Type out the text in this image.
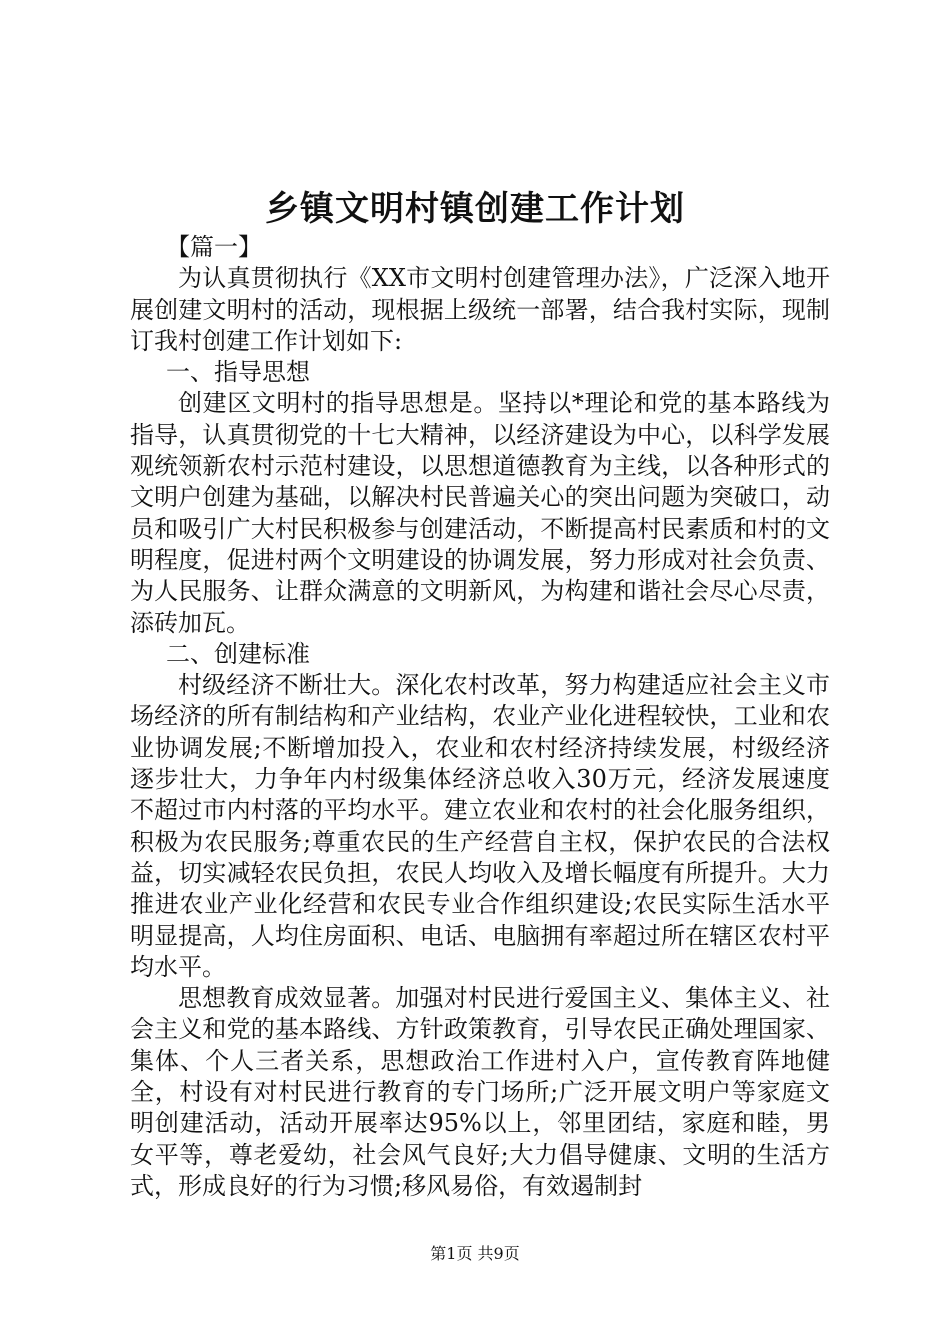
乡镇文明村镇创建工作计划

【篇一】

为认真贯彻执行《XX市文明村创建管理办法》，广泛深入地开展创建文明村的活动，现根据上级统一部署，结合我村实际，现制订我村创建工作计划如下:

一、指导思想

创建区文明村的指导思想是。坚持以*理论和党的基本路线为指导，认真贯彻党的十七大精神，以经济建设为中心，以科学发展观统领新农村示范村建设，以思想道德教育为主线，以各种形式的文明户创建为基础，以解决村民普遍关心的突出问题为突破口，动员和吸引广大村民积极参与创建活动，不断提高村民素质和村的文明程度，促进村两个文明建设的协调发展，努力形成对社会负责、为人民服务、让群众满意的文明新风，为构建和谐社会尽心尽责，添砖加瓦。

二、创建标准

村级经济不断壮大。深化农村改革，努力构建适应社会主义市场经济的所有制结构和产业结构，农业产业化进程较快，工业和农业协调发展;不断增加投入，农业和农村经济持续发展，村级经济逐步壮大，力争年内村级集体经济总收入30万元，经济发展速度不超过市内村落的平均水平。建立农业和农村的社会化服务组织，积极为农民服务;尊重农民的生产经营自主权，保护农民的合法权益，切实减轻农民负担，农民人均收入及增长幅度有所提升。大力推进农业产业化经营和农民专业合作组织建设;农民实际生活水平明显提高，人均住房面积、电话、电脑拥有率超过所在辖区农村平均水平。

思想教育成效显著。加强对村民进行爱国主义、集体主义、社会主义和党的基本路线、方针政策教育，引导农民正确处理国家、集体、个人三者关系，思想政治工作进村入户，宣传教育阵地健全，村设有对村民进行教育的专门场所;广泛开展文明户等家庭文明创建活动，活动开展率达95%以上，邻里团结，家庭和睦，男女平等，尊老爱幼，社会风气良好;大力倡导健康、文明的生活方式，形成良好的行为习惯;移风易俗，有效遏制封

第1页 共9页
